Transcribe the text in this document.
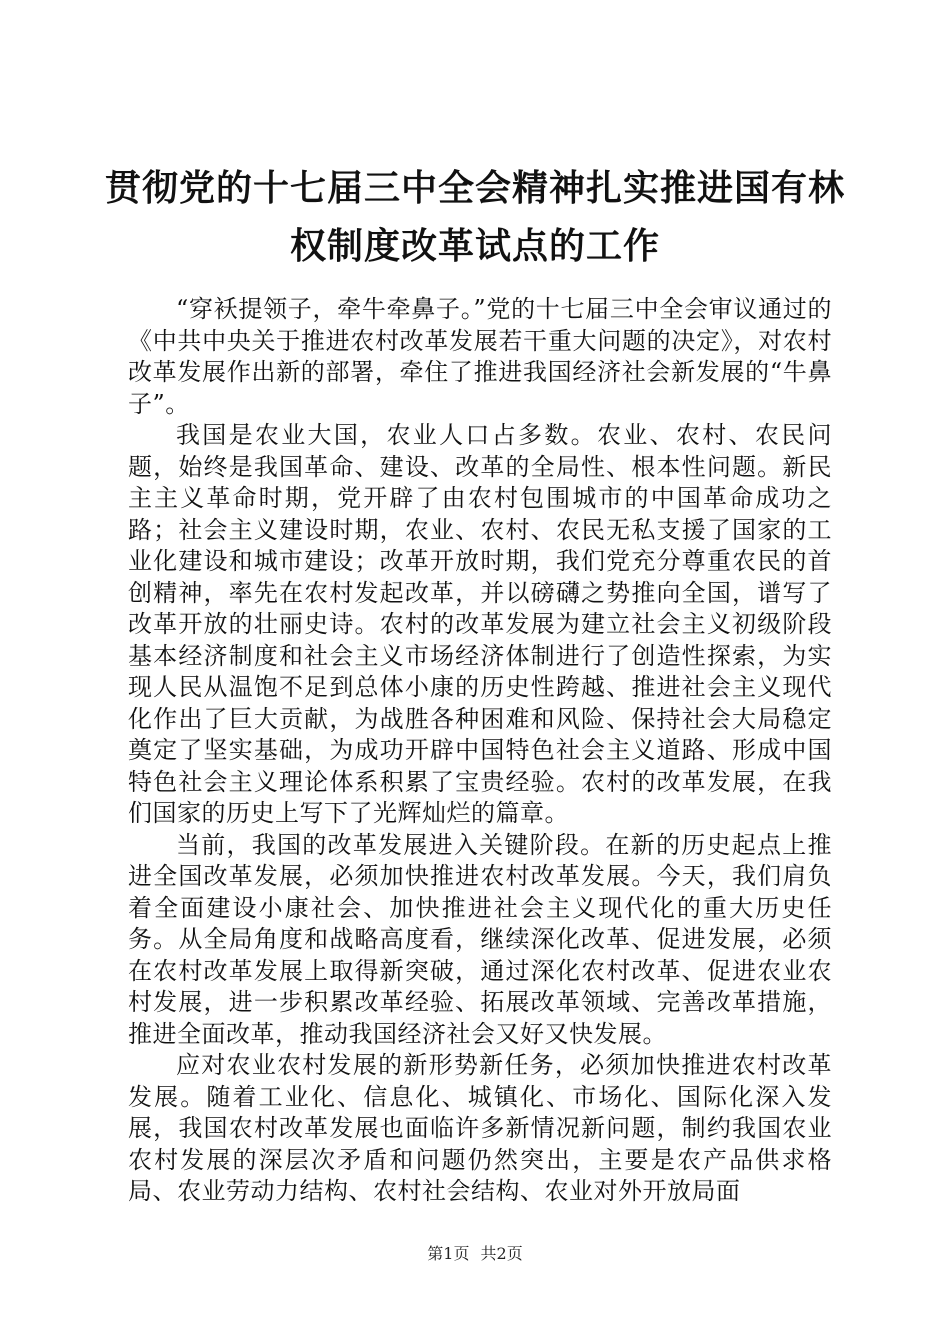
贯彻党的十七届三中全会精神扎实推进国有林
权制度改革试点的工作

“穿袄提领子，牵牛牵鼻子。”党的十七届三中全会审议通过的《中共中央关于推进农村改革发展若干重大问题的决定》，对农村改革发展作出新的部署，牵住了推进我国经济社会新发展的“牛鼻子”。

我国是农业大国，农业人口占多数。农业、农村、农民问题，始终是我国革命、建设、改革的全局性、根本性问题。新民主主义革命时期，党开辟了由农村包围城市的中国革命成功之路；社会主义建设时期，农业、农村、农民无私支援了国家的工业化建设和城市建设；改革开放时期，我们党充分尊重农民的首创精神，率先在农村发起改革，并以磅礴之势推向全国，谱写了改革开放的壮丽史诗。农村的改革发展为建立社会主义初级阶段基本经济制度和社会主义市场经济体制进行了创造性探索，为实现人民从温饱不足到总体小康的历史性跨越、推进社会主义现代化作出了巨大贡献，为战胜各种困难和风险、保持社会大局稳定奠定了坚实基础，为成功开辟中国特色社会主义道路、形成中国特色社会主义理论体系积累了宝贵经验。农村的改革发展，在我们国家的历史上写下了光辉灿烂的篇章。

当前，我国的改革发展进入关键阶段。在新的历史起点上推进全国改革发展，必须加快推进农村改革发展。今天，我们肩负着全面建设小康社会、加快推进社会主义现代化的重大历史任务。从全局角度和战略高度看，继续深化改革、促进发展，必须在农村改革发展上取得新突破，通过深化农村改革、促进农业农村发展，进一步积累改革经验、拓展改革领域、完善改革措施，推进全面改革，推动我国经济社会又好又快发展。

应对农业农村发展的新形势新任务，必须加快推进农村改革发展。随着工业化、信息化、城镇化、市场化、国际化深入发展，我国农村改革发展也面临许多新情况新问题，制约我国农业农村发展的深层次矛盾和问题仍然突出，主要是农产品供求格局、农业劳动力结构、农村社会结构、农业对外开放局面

第1页 共2页
